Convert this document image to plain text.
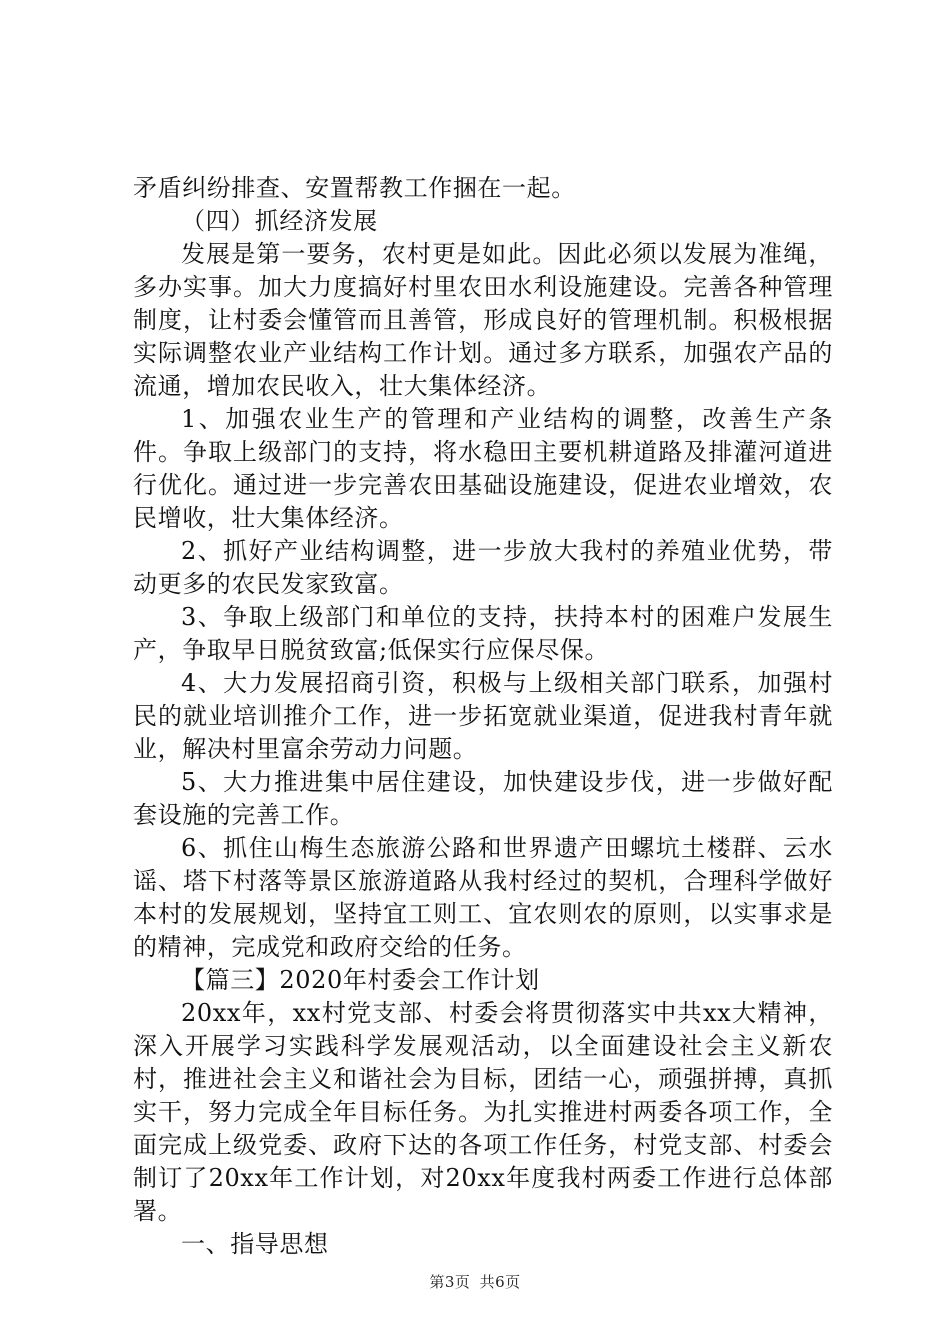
矛盾纠纷排查、安置帮教工作捆在一起。

（四）抓经济发展

发展是第一要务，农村更是如此。因此必须以发展为准绳，多办实事。加大力度搞好村里农田水利设施建设。完善各种管理制度，让村委会懂管而且善管，形成良好的管理机制。积极根据实际调整农业产业结构工作计划。通过多方联系，加强农产品的流通，增加农民收入，壮大集体经济。

1、加强农业生产的管理和产业结构的调整，改善生产条件。争取上级部门的支持，将水稳田主要机耕道路及排灌河道进行优化。通过进一步完善农田基础设施建设，促进农业增效，农民增收，壮大集体经济。

2、抓好产业结构调整，进一步放大我村的养殖业优势，带动更多的农民发家致富。

3、争取上级部门和单位的支持，扶持本村的困难户发展生产，争取早日脱贫致富;低保实行应保尽保。

4、大力发展招商引资，积极与上级相关部门联系，加强村民的就业培训推介工作，进一步拓宽就业渠道，促进我村青年就业，解决村里富余劳动力问题。

5、大力推进集中居住建设，加快建设步伐，进一步做好配套设施的完善工作。

6、抓住山梅生态旅游公路和世界遗产田螺坑土楼群、云水谣、塔下村落等景区旅游道路从我村经过的契机，合理科学做好本村的发展规划，坚持宜工则工、宜农则农的原则，以实事求是的精神，完成党和政府交给的任务。

【篇三】2020年村委会工作计划

20xx年，xx村党支部、村委会将贯彻落实中共xx大精神，深入开展学习实践科学发展观活动，以全面建设社会主义新农村，推进社会主义和谐社会为目标，团结一心，顽强拼搏，真抓实干，努力完成全年目标任务。为扎实推进村两委各项工作，全面完成上级党委、政府下达的各项工作任务，村党支部、村委会制订了20xx年工作计划，对20xx年度我村两委工作进行总体部署。

一、指导思想

第3页 共6页
